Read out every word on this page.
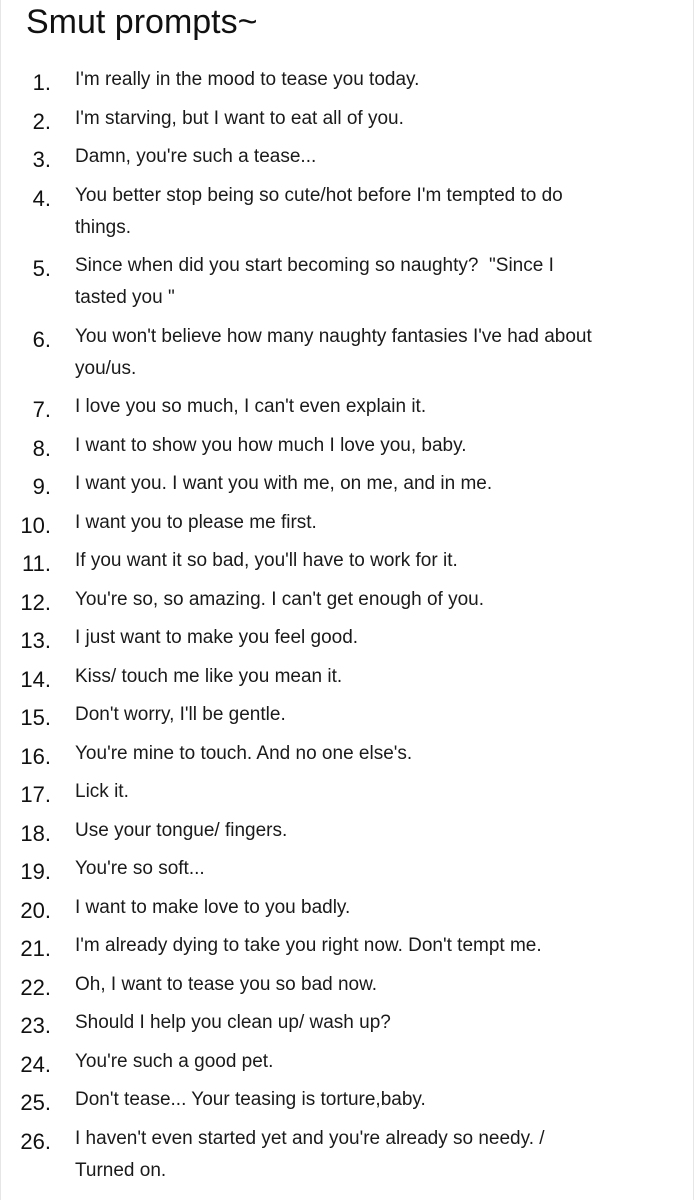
Smut prompts~
1. I'm really in the mood to tease you today.
2. I'm starving, but I want to eat all of you.
3. Damn, you're such a tease...
4. You better stop being so cute/hot before I'm tempted to do
things.
5. Since when did you start becoming so naughty?  "Since I
tasted you "
6. You won't believe how many naughty fantasies I've had about
you/us.
7. I love you so much, I can't even explain it.
8. I want to show you how much I love you, baby.
9. I want you. I want you with me, on me, and in me.
10. I want you to please me first.
11. If you want it so bad, you'll have to work for it.
12. You're so, so amazing. I can't get enough of you.
13. I just want to make you feel good.
14. Kiss/ touch me like you mean it.
15. Don't worry, I'll be gentle.
16. You're mine to touch. And no one else's.
17. Lick it.
18. Use your tongue/ fingers.
19. You're so soft...
20. I want to make love to you badly.
21. I'm already dying to take you right now. Don't tempt me.
22. Oh, I want to tease you so bad now.
23. Should I help you clean up/ wash up?
24. You're such a good pet.
25. Don't tease... Your teasing is torture,baby.
26. I haven't even started yet and you're already so needy. /
Turned on.
